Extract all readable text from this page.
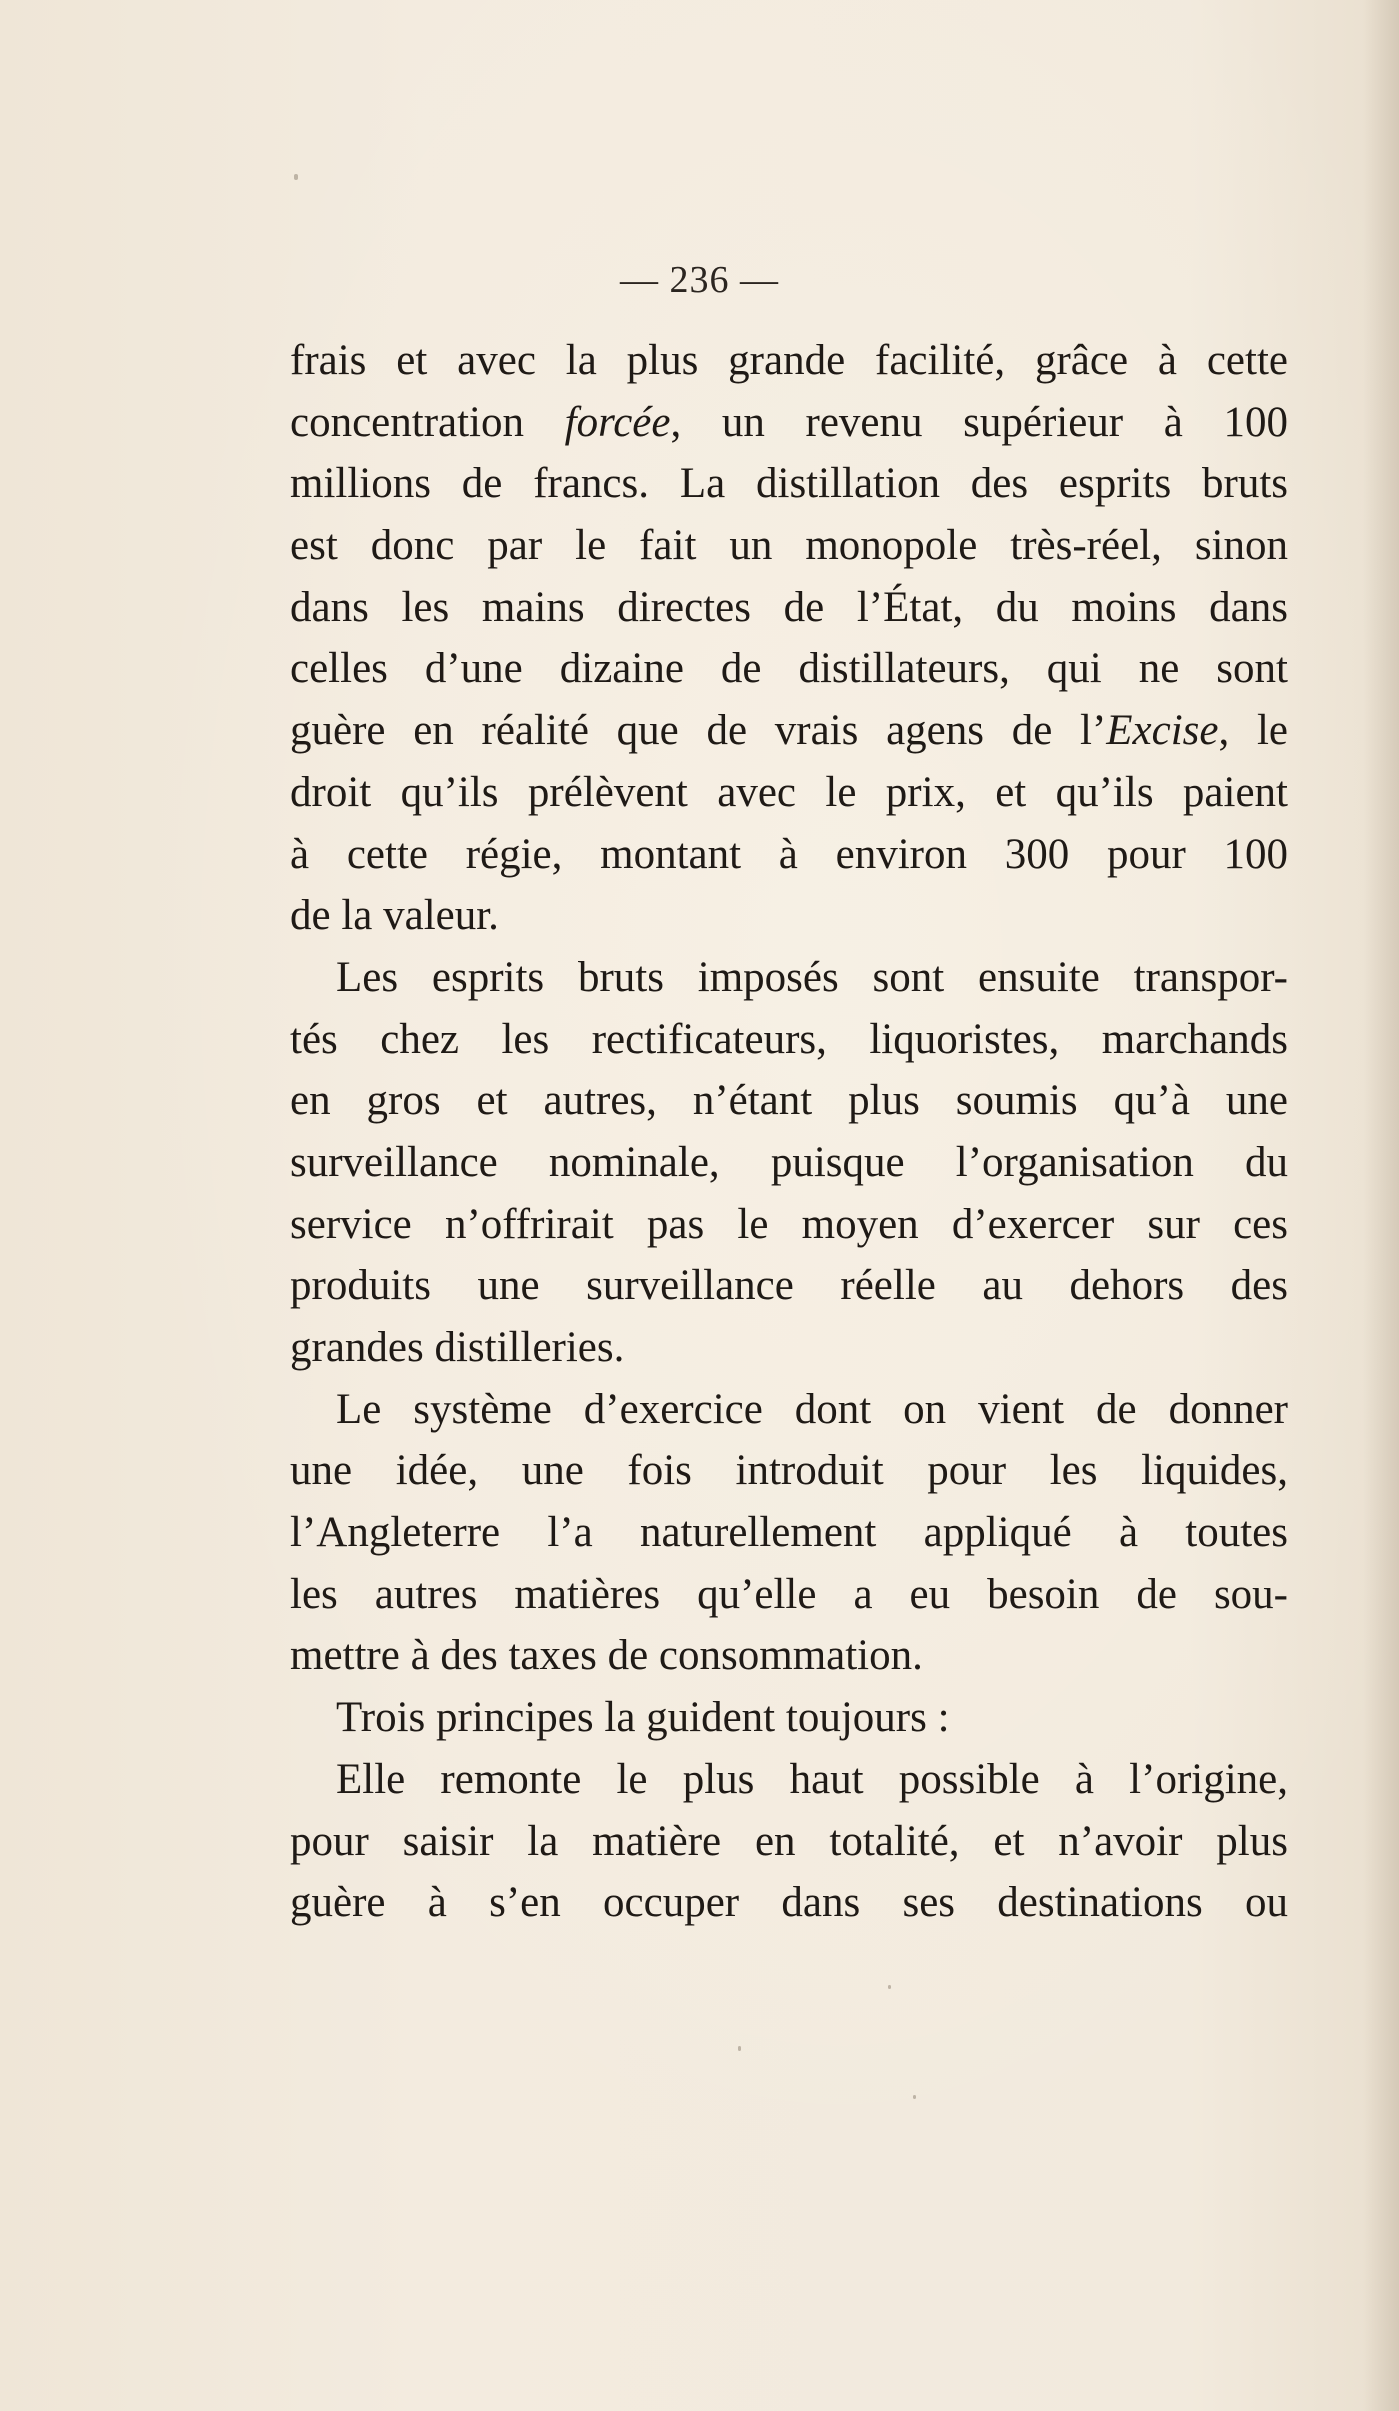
— 236 —
frais et avec la plus grande facilité, grâce à cette
concentration forcée, un revenu supérieur à 100
millions de francs. La distillation des esprits bruts
est donc par le fait un monopole très-réel, sinon
dans les mains directes de l’État, du moins dans
celles d’une dizaine de distillateurs, qui ne sont
guère en réalité que de vrais agens de l’Excise, le
droit qu’ils prélèvent avec le prix, et qu’ils paient
à cette régie, montant à environ 300 pour 100
de la valeur.
Les esprits bruts imposés sont ensuite transpor-
tés chez les rectificateurs, liquoristes, marchands
en gros et autres, n’étant plus soumis qu’à une
surveillance nominale, puisque l’organisation du
service n’offrirait pas le moyen d’exercer sur ces
produits une surveillance réelle au dehors des
grandes distilleries.
Le système d’exercice dont on vient de donner
une idée, une fois introduit pour les liquides,
l’Angleterre l’a naturellement appliqué à toutes
les autres matières qu’elle a eu besoin de sou-
mettre à des taxes de consommation.
Trois principes la guident toujours :
Elle remonte le plus haut possible à l’origine,
pour saisir la matière en totalité, et n’avoir plus
guère à s’en occuper dans ses destinations ou
